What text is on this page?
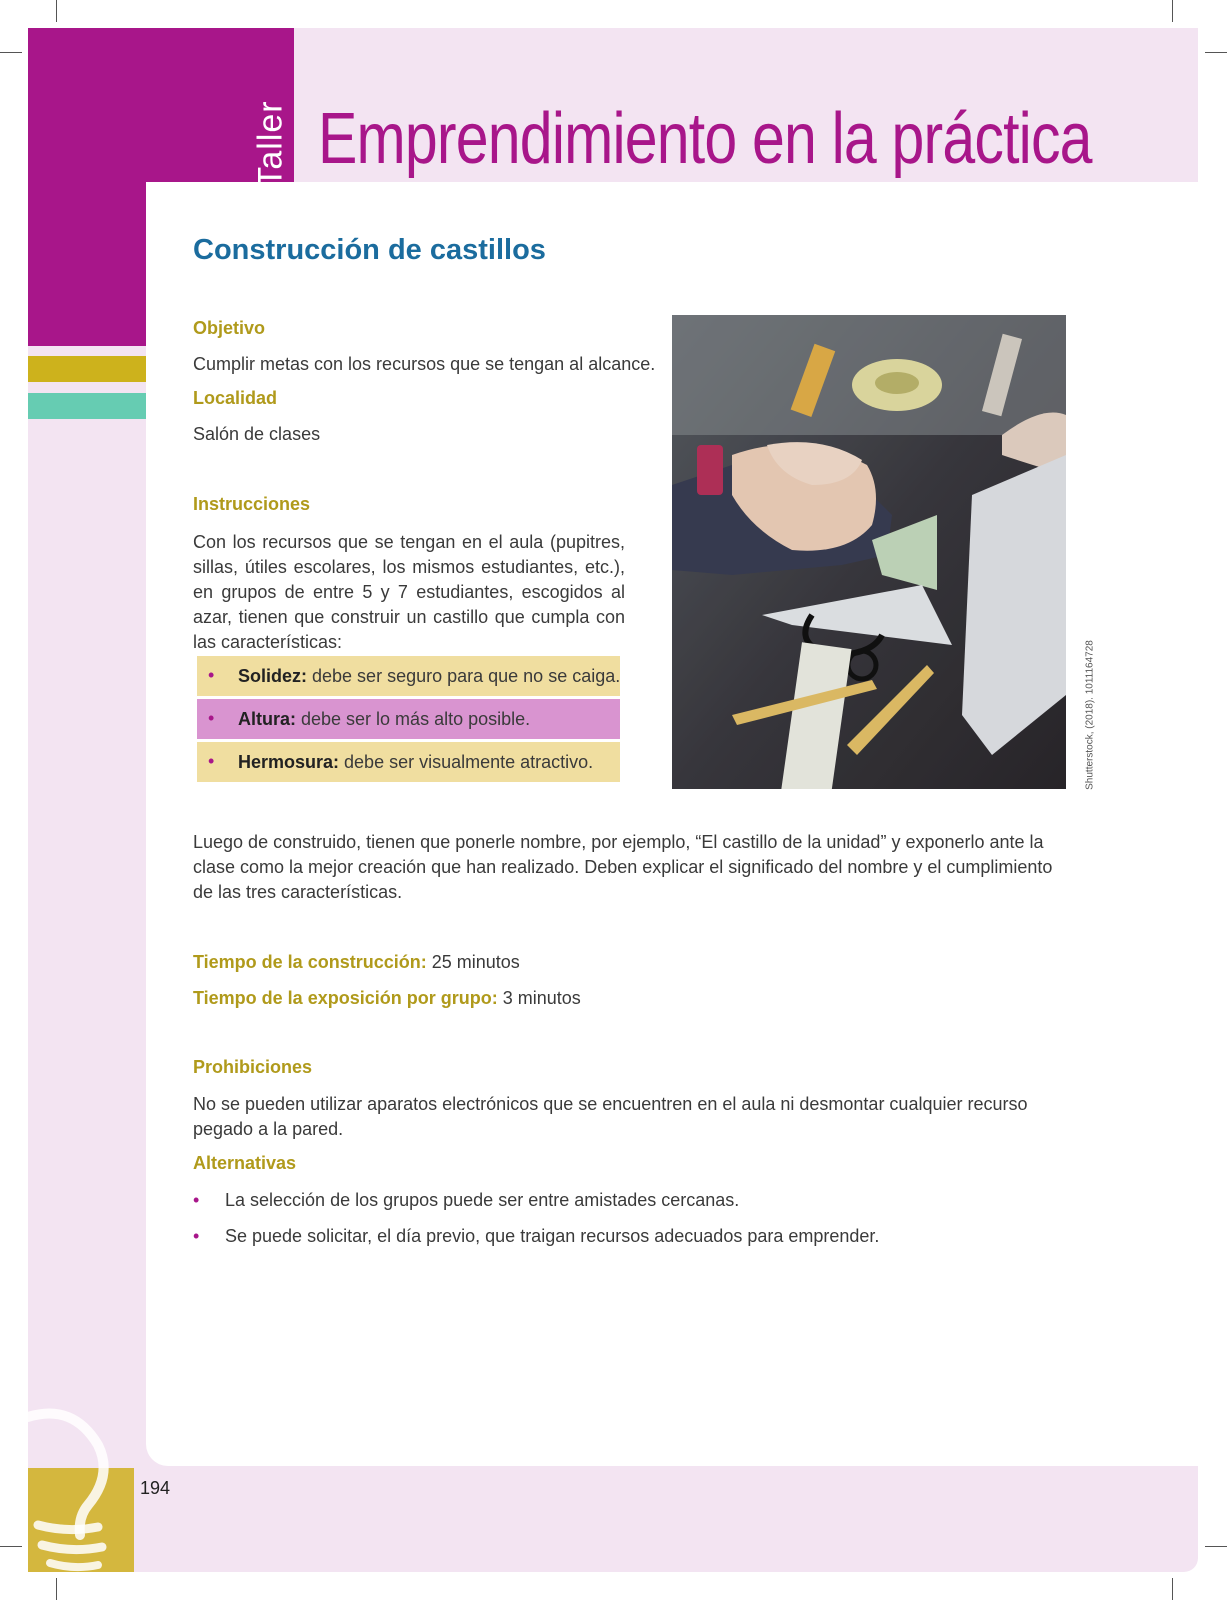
Taller Emprendimiento en la práctica
Construcción de castillos
Objetivo
Cumplir metas con los recursos que se tengan al alcance.
Localidad
Salón de clases
Instrucciones
Con los recursos que se tengan en el aula (pupitres, sillas, útiles escolares, los mismos estudiantes, etc.), en grupos de entre 5 y 7 estudiantes, escogidos al azar, tienen que construir un castillo que cumpla con las características:
• Solidez: debe ser seguro para que no se caiga.
• Altura: debe ser lo más alto posible.
• Hermosura: debe ser visualmente atractivo.	Shutterstock, (2018). 1011164728
Luego de construido, tienen que ponerle nombre, por ejemplo, “El castillo de la unidad” y exponerlo ante la clase como la mejor creación que han realizado. Deben explicar el significado del nombre y el cumplimiento de las tres características.
Tiempo de la construcción: 25 minutos
Tiempo de la exposición por grupo: 3 minutos
Prohibiciones
No se pueden utilizar aparatos electrónicos que se encuentren en el aula ni desmontar cualquier recurso pegado a la pared.
Alternativas
• La selección de los grupos puede ser entre amistades cercanas.
• Se puede solicitar, el día previo, que traigan recursos adecuados para emprender.
194
